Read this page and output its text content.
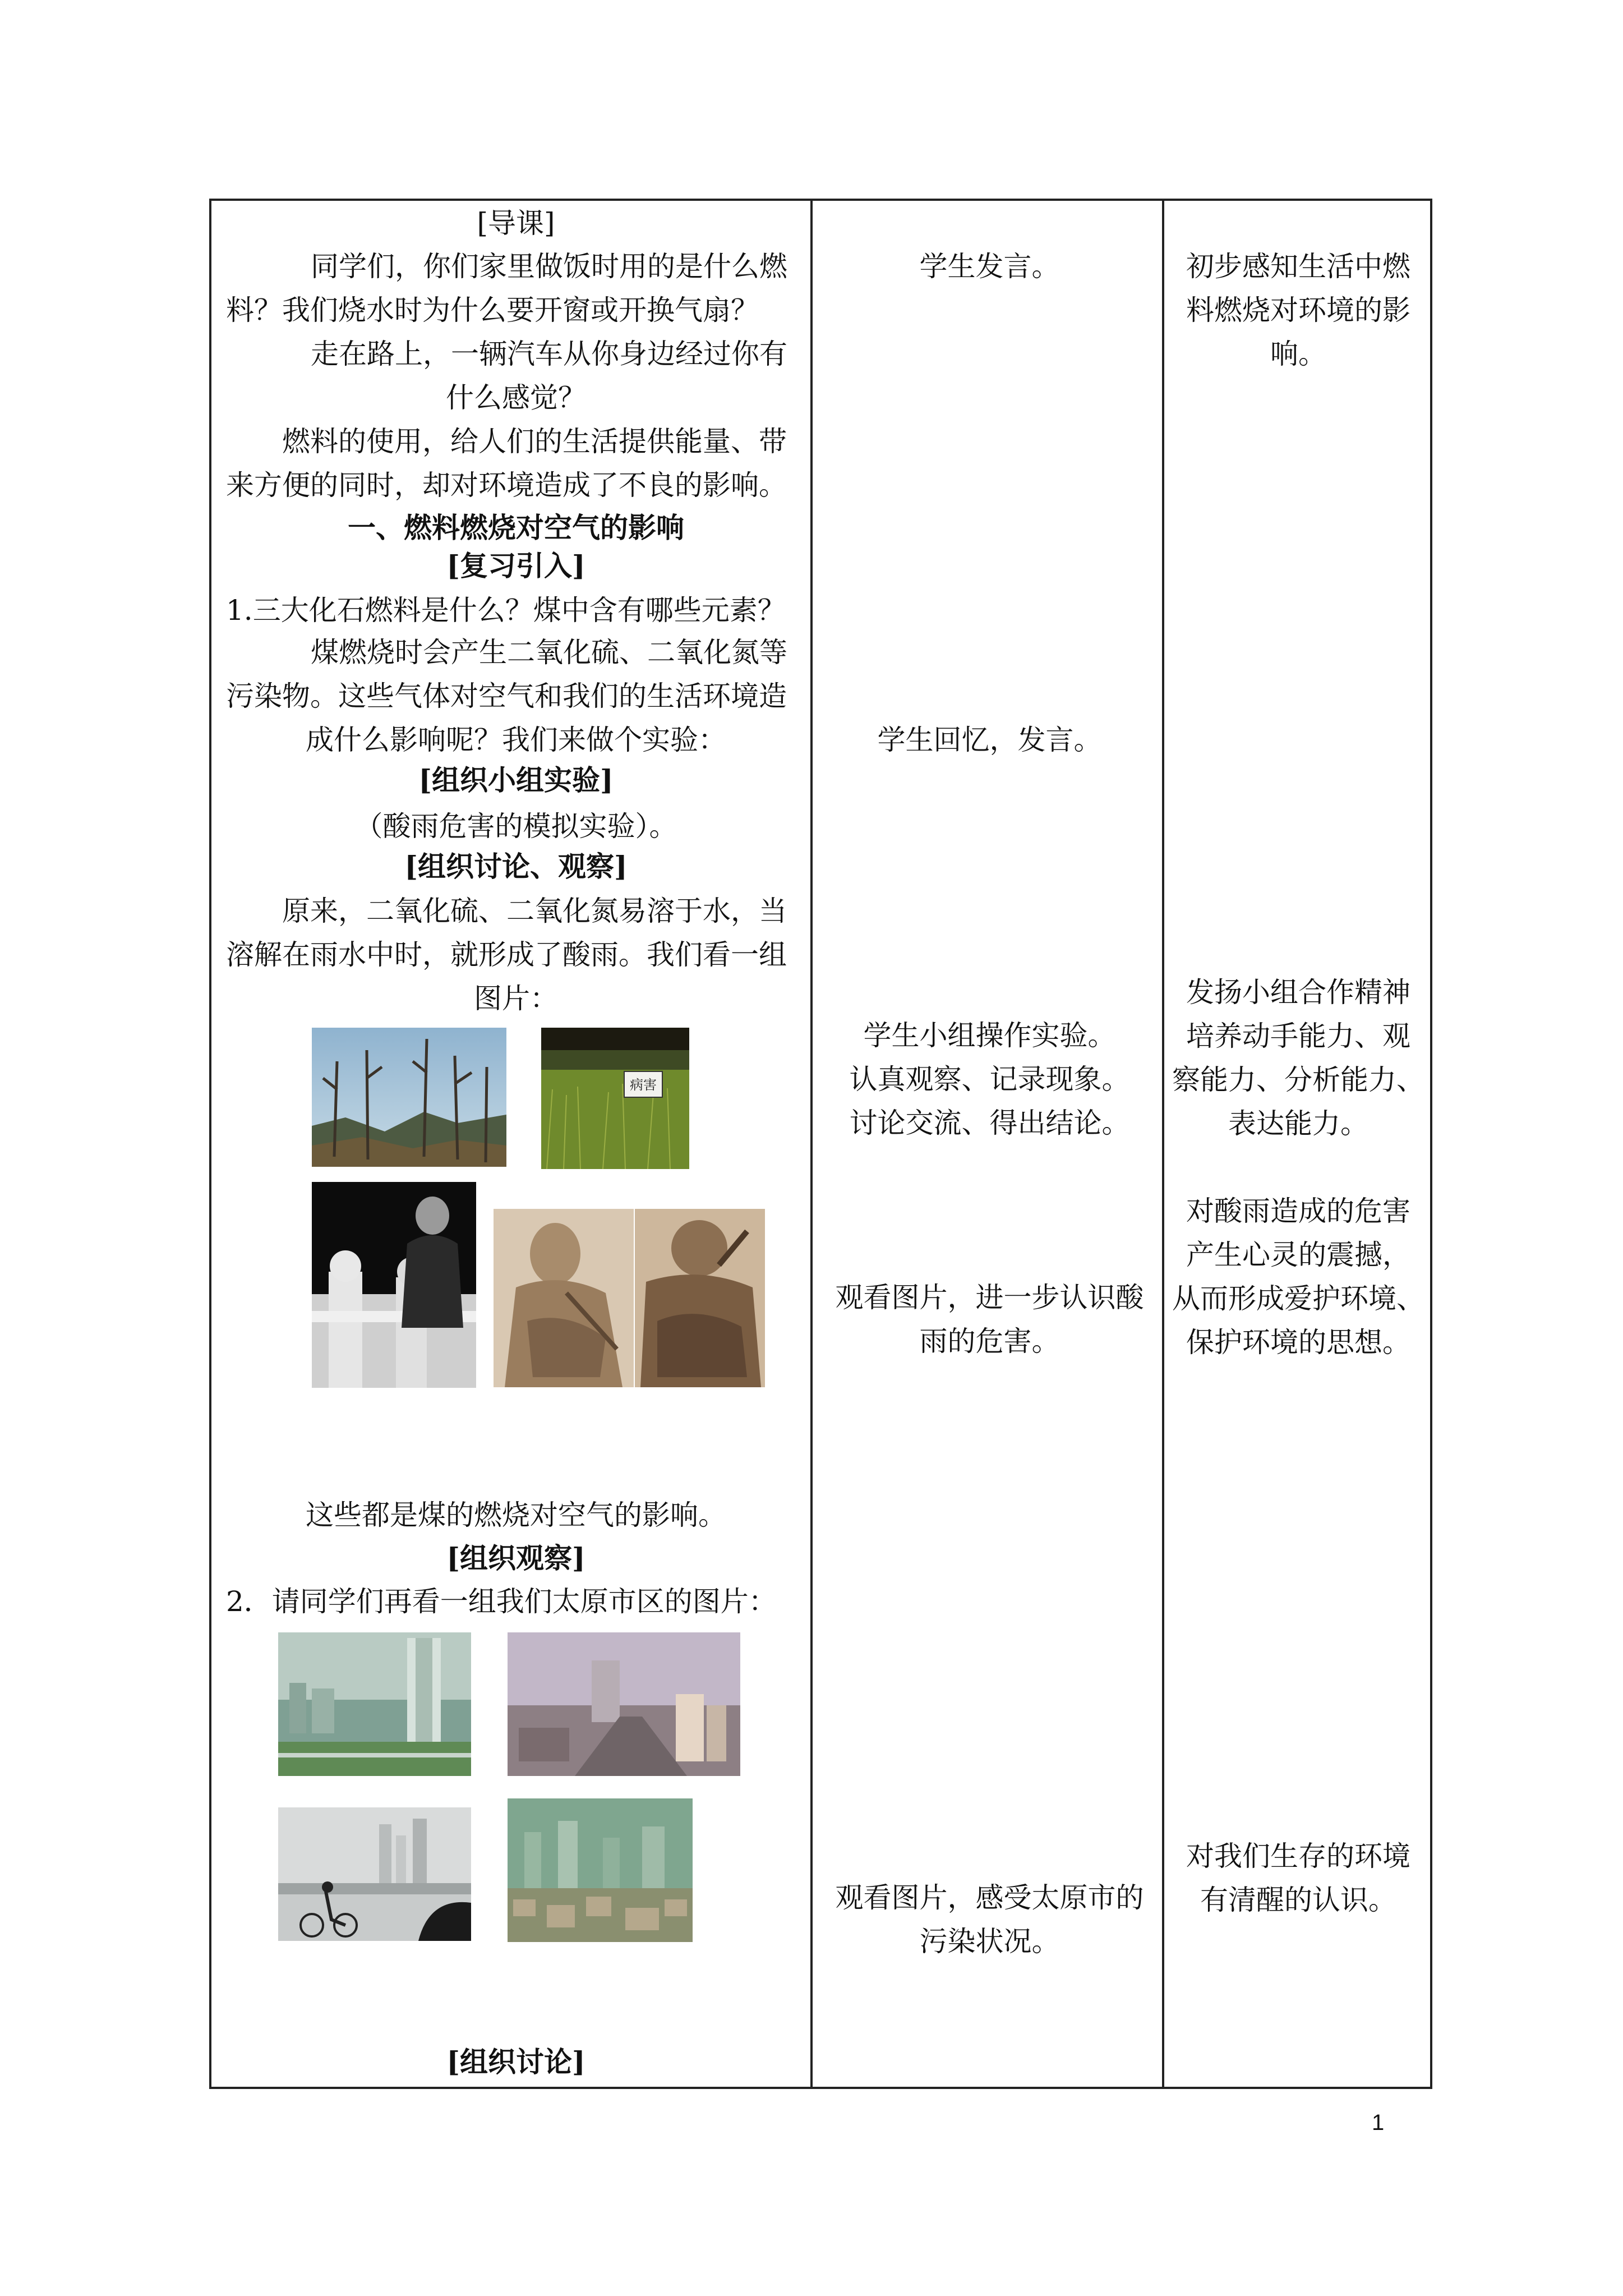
[导课]
同学们，你们家里做饭时用的是什么燃
料？我们烧水时为什么要开窗或开换气扇？
走在路上，一辆汽车从你身边经过你有
什么感觉？
燃料的使用，给人们的生活提供能量、带
来方便的同时，却对环境造成了不良的影响。
一、燃料燃烧对空气的影响
[复习引入]
1.三大化石燃料是什么？煤中含有哪些元素？
煤燃烧时会产生二氧化硫、二氧化氮等
污染物。这些气体对空气和我们的生活环境造
成什么影响呢？我们来做个实验：
[组织小组实验]
（酸雨危害的模拟实验）。
[组织讨论、观察]
原来，二氧化硫、二氧化氮易溶于水，当
溶解在雨水中时，就形成了酸雨。我们看一组
图片：
病害
这些都是煤的燃烧对空气的影响。
[组织观察]
2．请同学们再看一组我们太原市区的图片：
[组织讨论]
学生发言。
学生回忆，发言。
学生小组操作实验。
认真观察、记录现象。
讨论交流、得出结论。
观看图片，进一步认识酸
雨的危害。
观看图片，感受太原市的
污染状况。
初步感知生活中燃
料燃烧对环境的影
响。
发扬小组合作精神
培养动手能力、观
察能力、分析能力、
表达能力。
对酸雨造成的危害
产生心灵的震撼，
从而形成爱护环境、
保护环境的思想。
对我们生存的环境
有清醒的认识。
1
